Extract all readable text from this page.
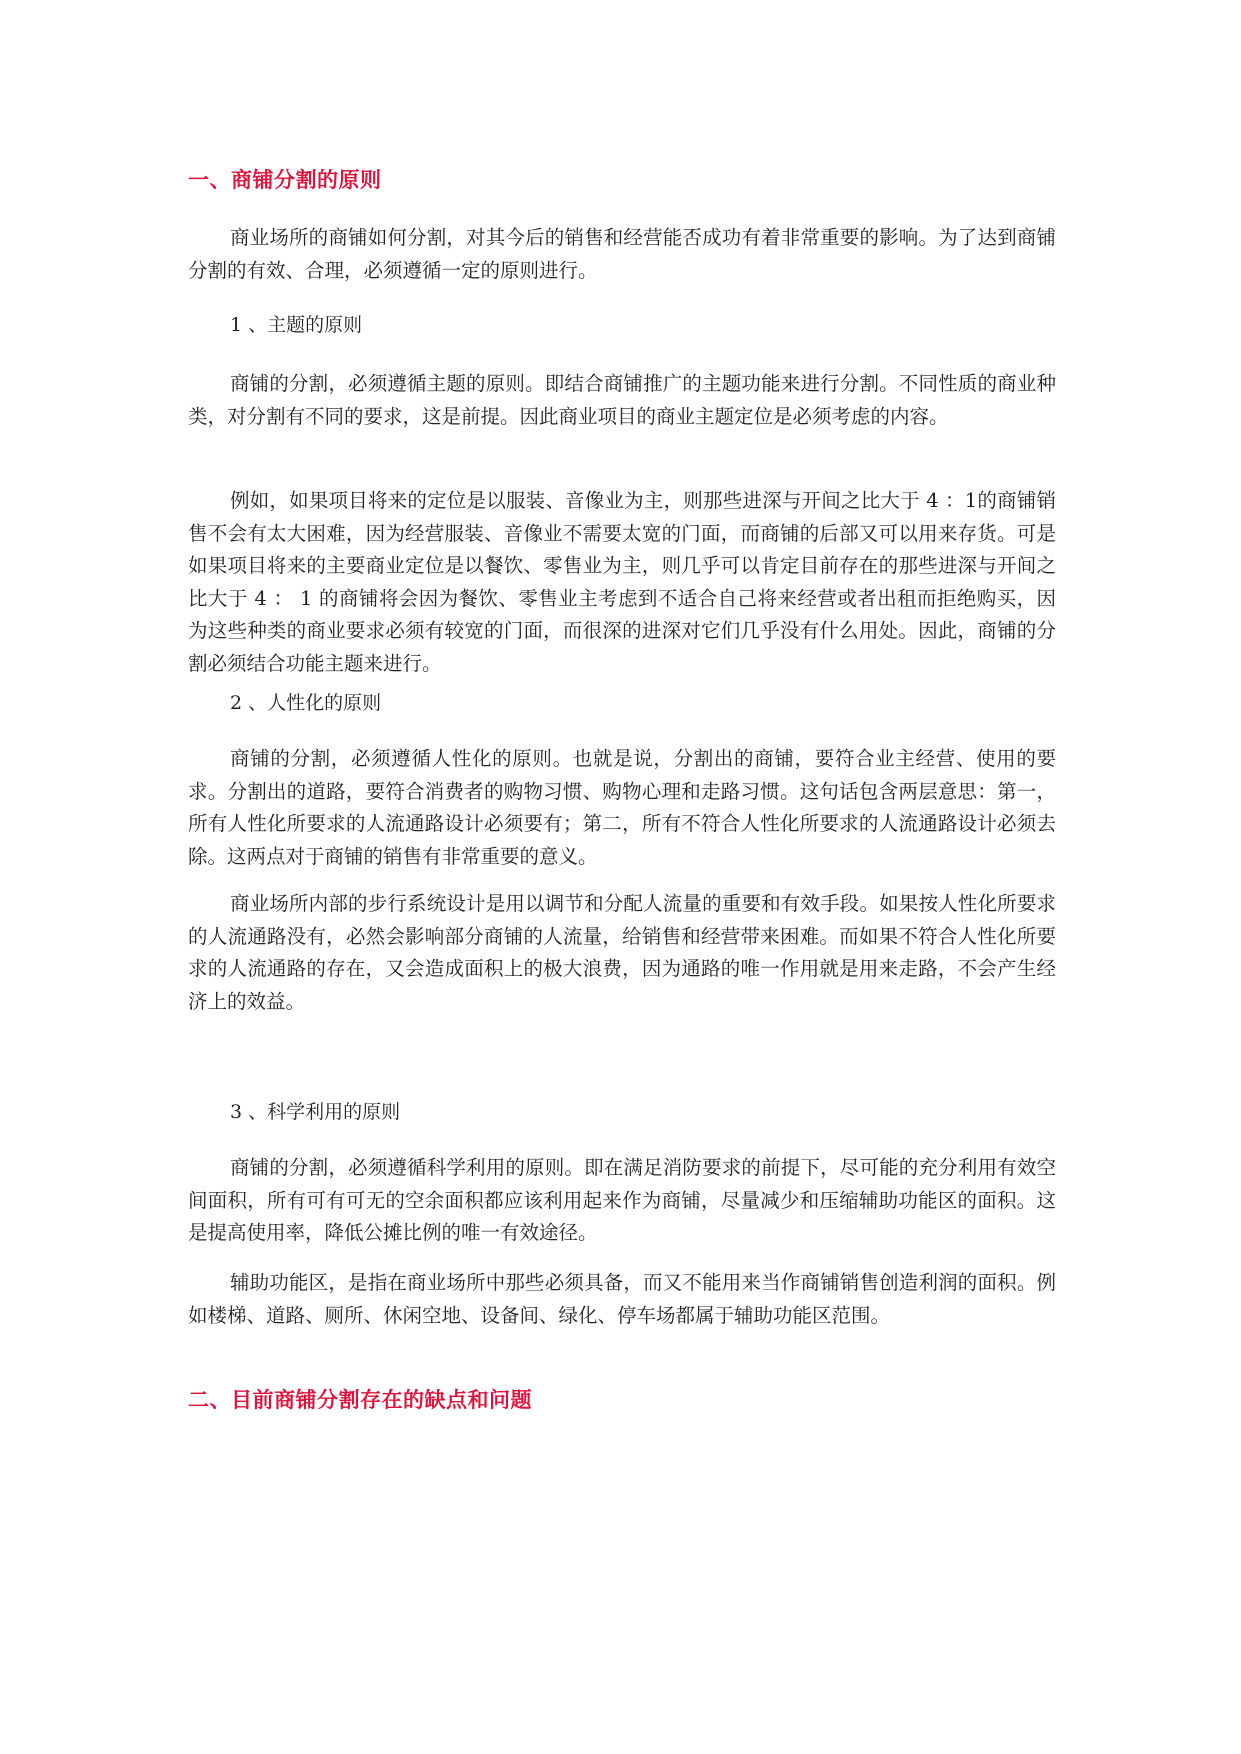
一、商铺分割的原则

商业场所的商铺如何分割，对其今后的销售和经营能否成功有着非常重要的影响。为了达到商铺分割的有效、合理，必须遵循一定的原则进行。

1 、主题的原则

商铺的分割，必须遵循主题的原则。即结合商铺推广的主题功能来进行分割。不同性质的商业种类，对分割有不同的要求，这是前提。因此商业项目的商业主题定位是必须考虑的内容。

例如，如果项目将来的定位是以服装、音像业为主，则那些进深与开间之比大于 4 ：1的商铺销售不会有太大困难，因为经营服装、音像业不需要太宽的门面，而商铺的后部又可以用来存货。可是如果项目将来的主要商业定位是以餐饮、零售业为主，则几乎可以肯定目前存在的那些进深与开间之比大于 4 ： 1 的商铺将会因为餐饮、零售业主考虑到不适合自己将来经营或者出租而拒绝购买，因为这些种类的商业要求必须有较宽的门面，而很深的进深对它们几乎没有什么用处。因此，商铺的分割必须结合功能主题来进行。

2 、人性化的原则

商铺的分割，必须遵循人性化的原则。也就是说，分割出的商铺，要符合业主经营、使用的要求。分割出的道路，要符合消费者的购物习惯、购物心理和走路习惯。这句话包含两层意思：第一，所有人性化所要求的人流通路设计必须要有；第二，所有不符合人性化所要求的人流通路设计必须去除。这两点对于商铺的销售有非常重要的意义。

商业场所内部的步行系统设计是用以调节和分配人流量的重要和有效手段。如果按人性化所要求的人流通路没有，必然会影响部分商铺的人流量，给销售和经营带来困难。而如果不符合人性化所要求的人流通路的存在，又会造成面积上的极大浪费，因为通路的唯一作用就是用来走路，不会产生经济上的效益。

3 、科学利用的原则

商铺的分割，必须遵循科学利用的原则。即在满足消防要求的前提下，尽可能的充分利用有效空间面积，所有可有可无的空余面积都应该利用起来作为商铺，尽量减少和压缩辅助功能区的面积。这是提高使用率，降低公摊比例的唯一有效途径。

辅助功能区，是指在商业场所中那些必须具备，而又不能用来当作商铺销售创造利润的面积。例如楼梯、道路、厕所、休闲空地、设备间、绿化、停车场都属于辅助功能区范围。

二、目前商铺分割存在的缺点和问题
